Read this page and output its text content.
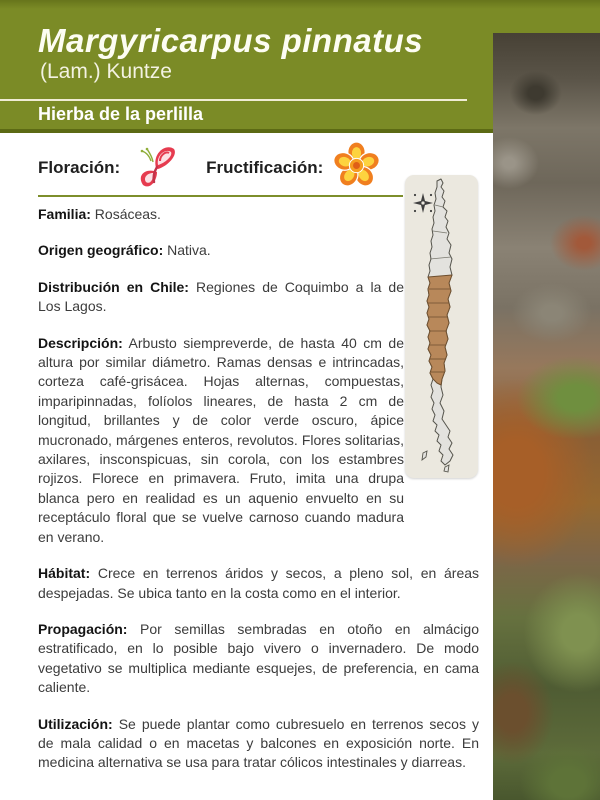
Margyricarpus pinnatus
(Lam.) Kuntze
Hierba de la perlilla
Floración:	Fructificación:

Familia: Rosáceas.

Origen geográfico: Nativa.

Distribución en Chile: Regiones de Coquimbo a la de Los Lagos.

Descripción: Arbusto siempreverde, de hasta 40 cm de altura por similar diámetro. Ramas densas e intrincadas, corteza café-grisácea. Hojas alternas, compuestas, imparipinnadas, folíolos lineares, de hasta 2 cm de longitud, brillantes y de color verde oscuro, ápice mucronado, márgenes enteros, revolutos. Flores solitarias, axilares, insconspicuas, sin corola, con los estambres rojizos. Florece en primavera. Fruto, imita una drupa blanca pero en realidad es un aquenio envuelto en su receptáculo floral que se vuelve carnoso cuando madura en verano.

Hábitat: Crece en terrenos áridos y secos, a pleno sol, en áreas despejadas. Se ubica tanto en la costa como en el interior.

Propagación: Por semillas sembradas en otoño en almácigo estratificado, en lo posible bajo vivero o invernadero. De modo vegetativo se multiplica mediante esquejes, de preferencia, en cama caliente.

Utilización: Se puede plantar como cubresuelo en terrenos secos y de mala calidad o en macetas y balcones en exposición norte. En medicina alternativa se usa para tratar cólicos intestinales y diarreas.
